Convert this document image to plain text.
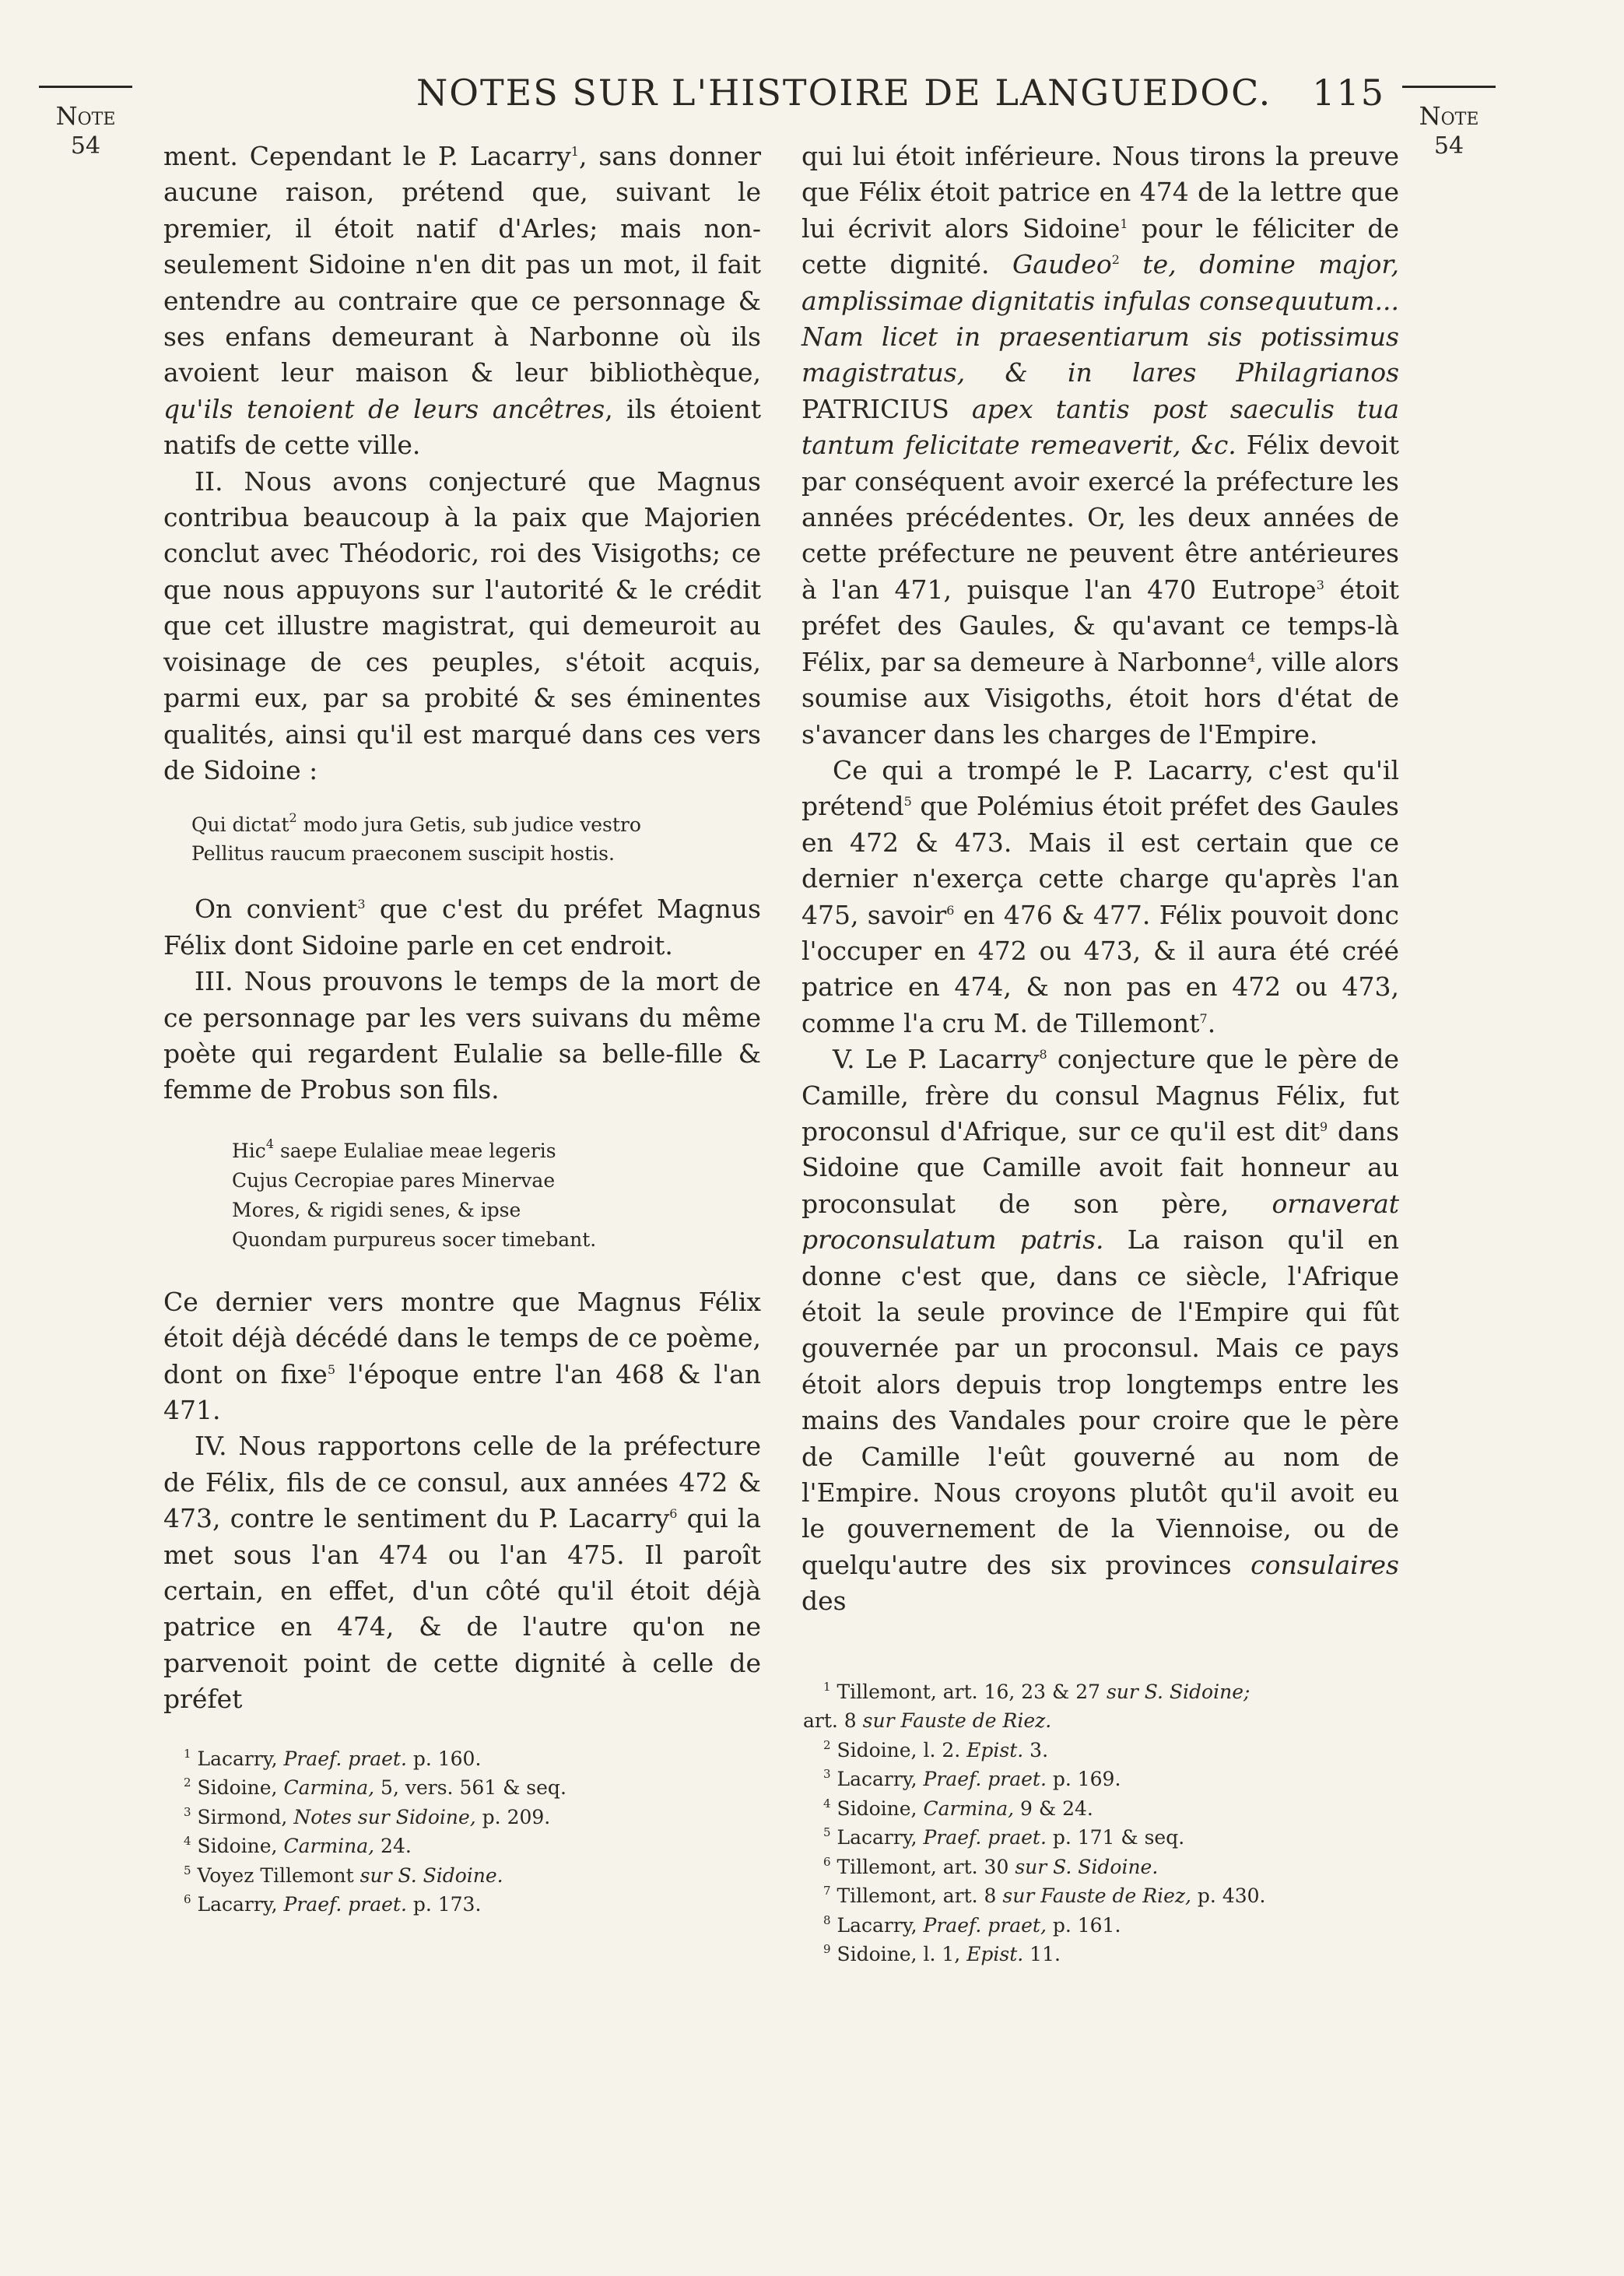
NOTES SUR L'HISTOIRE DE LANGUEDOC. 115
Note
54
Note
54

ment. Cependant le P. Lacarry$^1$, sans donner aucune raison, prétend que, suivant le premier, il étoit natif d'Arles; mais non-seulement Sidoine n'en dit pas un mot, il fait entendre au contraire que ce personnage & ses enfans demeurant à Narbonne où ils avoient leur maison & leur bibliothèque, qu'ils tenoient de leurs ancêtres, ils étoient natifs de cette ville.

II. Nous avons conjecturé que Magnus contribua beaucoup à la paix que Majorien conclut avec Théodoric, roi des Visigoths; ce que nous appuyons sur l'autorité & le crédit que cet illustre magistrat, qui demeuroit au voisinage de ces peuples, s'étoit acquis, parmi eux, par sa probité & ses éminentes qualités, ainsi qu'il est marqué dans ces vers de Sidoine :

Qui dictat$^2$ modo jura Getis, sub judice vestro
Pellitus raucum praeconem suscipit hostis.

On convient$^3$ que c'est du préfet Magnus Félix dont Sidoine parle en cet endroit.

III. Nous prouvons le temps de la mort de ce personnage par les vers suivans du même poète qui regardent Eulalie sa belle-fille & femme de Probus son fils.

Hic$^4$ saepe Eulaliae meae legeris
Cujus Cecropiae pares Minervae
Mores, & rigidi senes, & ipse
Quondam purpureus socer timebant.

Ce dernier vers montre que Magnus Félix étoit déjà décédé dans le temps de ce poème, dont on fixe$^5$ l'époque entre l'an 468 & l'an 471.

IV. Nous rapportons celle de la préfecture de Félix, fils de ce consul, aux années 472 & 473, contre le sentiment du P. Lacarry$^6$ qui la met sous l'an 474 ou l'an 475. Il paroît certain, en effet, d'un côté qu'il étoit déjà patrice en 474, & de l'autre qu'on ne parvenoit point de cette dignité à celle de préfet

$^1$ Lacarry, Praef. praet. p. 160.
$^2$ Sidoine, Carmina, 5, vers. 561 & seq.
$^3$ Sirmond, Notes sur Sidoine, p. 209.
$^4$ Sidoine, Carmina, 24.
$^5$ Voyez Tillemont sur S. Sidoine.
$^6$ Lacarry, Praef. praet. p. 173.

qui lui étoit inférieure. Nous tirons la preuve que Félix étoit patrice en 474 de la lettre que lui écrivit alors Sidoine$^1$ pour le féliciter de cette dignité. Gaudeo$^2$ te, domine major, amplissimae dignitatis infulas consequutum... Nam licet in praesentiarum sis potissimus magistratus, & in lares Philagrianos PATRICIUS apex tantis post saeculis tua tantum felicitate remeaverit, &c. Félix devoit par conséquent avoir exercé la préfecture les années précédentes. Or, les deux années de cette préfecture ne peuvent être antérieures à l'an 471, puisque l'an 470 Eutrope$^3$ étoit préfet des Gaules, & qu'avant ce temps-là Félix, par sa demeure à Narbonne$^4$, ville alors soumise aux Visigoths, étoit hors d'état de s'avancer dans les charges de l'Empire.

Ce qui a trompé le P. Lacarry, c'est qu'il prétend$^5$ que Polémius étoit préfet des Gaules en 472 & 473. Mais il est certain que ce dernier n'exerça cette charge qu'après l'an 475, savoir$^6$ en 476 & 477. Félix pouvoit donc l'occuper en 472 ou 473, & il aura été créé patrice en 474, & non pas en 472 ou 473, comme l'a cru M. de Tillemont$^7$.

V. Le P. Lacarry$^8$ conjecture que le père de Camille, frère du consul Magnus Félix, fut proconsul d'Afrique, sur ce qu'il est dit$^9$ dans Sidoine que Camille avoit fait honneur au proconsulat de son père, ornaverat proconsulatum patris. La raison qu'il en donne c'est que, dans ce siècle, l'Afrique étoit la seule province de l'Empire qui fût gouvernée par un proconsul. Mais ce pays étoit alors depuis trop longtemps entre les mains des Vandales pour croire que le père de Camille l'eût gouverné au nom de l'Empire. Nous croyons plutôt qu'il avoit eu le gouvernement de la Viennoise, ou de quelqu'autre des six provinces consulaires des

$^1$ Tillemont, art. 16, 23 & 27 sur S. Sidoine;
art. 8 sur Fauste de Riez.
$^2$ Sidoine, l. 2. Epist. 3.
$^3$ Lacarry, Praef. praet. p. 169.
$^4$ Sidoine, Carmina, 9 & 24.
$^5$ Lacarry, Praef. praet. p. 171 & seq.
$^6$ Tillemont, art. 30 sur S. Sidoine.
$^7$ Tillemont, art. 8 sur Fauste de Riez, p. 430.
$^8$ Lacarry, Praef. praet, p. 161.
$^9$ Sidoine, l. 1, Epist. 11.
